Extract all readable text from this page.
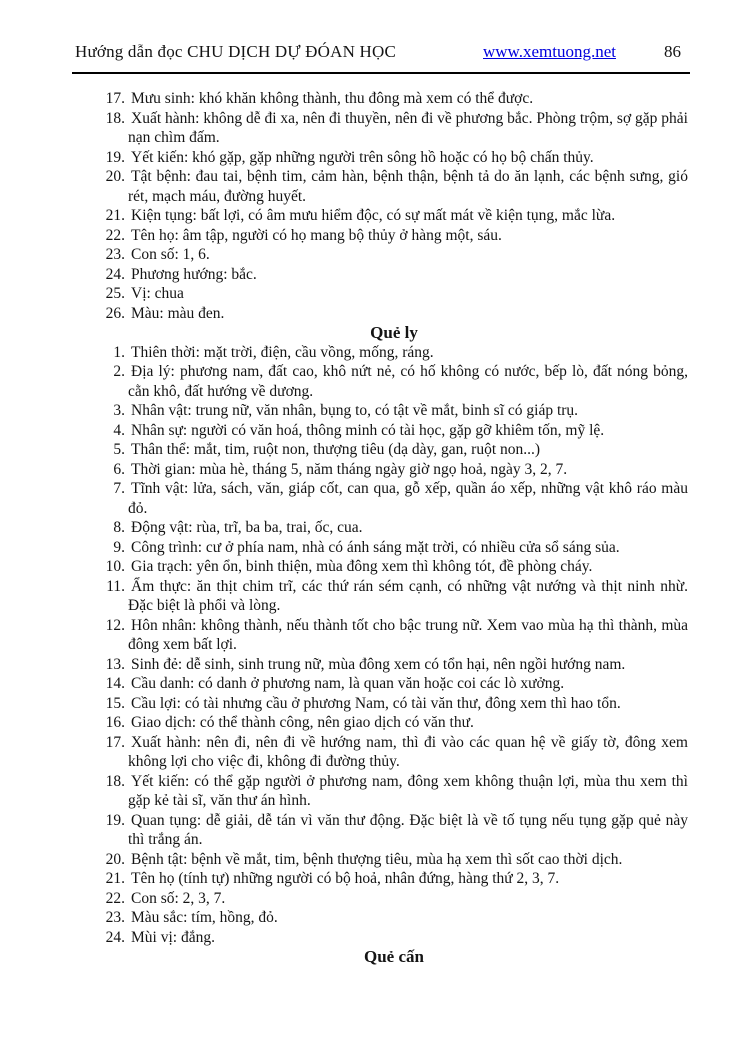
Hướng dẫn đọc CHU DỊCH DỰ ĐÓAN HỌC	www.xemtuong.net	86
17. Mưu sinh: khó khăn không thành, thu đông mà xem có thể được.
18. Xuất hành: không dễ đi xa, nên đi thuyền, nên đi về phương bắc. Phòng trộm, sợ gặp phải nạn chìm đấm.
19. Yết kiến: khó gặp, gặp những người trên sông hồ hoặc có họ bộ chấn thủy.
20. Tật bệnh: đau tai, bệnh tim, cảm hàn, bệnh thận, bệnh tả do ăn lạnh, các bệnh sưng, gió rét, mạch máu, đường huyết.
21. Kiện tụng: bất lợi, có âm mưu hiểm độc, có sự mất mát về kiện tụng, mắc lừa.
22. Tên họ: âm tập, người có họ mang bộ thủy ở hàng một, sáu.
23. Con số: 1, 6.
24. Phương hướng: bắc.
25. Vị: chua
26. Màu: màu đen.
Quẻ ly
1. Thiên thời: mặt trời, điện, cầu vồng, mống, ráng.
2. Địa lý: phương nam, đất cao, khô nứt nẻ, có hố không có nước, bếp lò, đất nóng bỏng, cằn khô, đất hướng về dương.
3. Nhân vật: trung nữ, văn nhân, bụng to, có tật về mắt, binh sĩ có giáp trụ.
4. Nhân sự: người có văn hoá, thông minh có tài học, gặp gỡ khiêm tốn, mỹ lệ.
5. Thân thể: mắt, tim, ruột non, thượng tiêu (dạ dày, gan, ruột non...)
6. Thời gian: mùa hè, tháng 5, năm tháng ngày giờ ngọ hoả, ngày 3, 2, 7.
7. Tĩnh vật: lửa, sách, văn, giáp cốt, can qua, gỗ xếp, quần áo xếp, những vật khô ráo màu đỏ.
8. Động vật: rùa, trĩ, ba ba, trai, ốc, cua.
9. Công trình: cư ở phía nam, nhà có ánh sáng mặt trời, có nhiều cửa sổ sáng sủa.
10. Gia trạch: yên ổn, binh thiện, mùa đông xem thì không tót, đề phòng cháy.
11. Ẩm thực: ăn thịt chim trĩ, các thứ rán sém cạnh, có những vật nướng và thịt ninh nhừ. Đặc biệt là phổi và lòng.
12. Hôn nhân: không thành, nếu thành tốt cho bậc trung nữ. Xem vao mùa hạ thì thành, mùa đông xem bất lợi.
13. Sinh đẻ: dễ sinh, sinh trung nữ, mùa đông xem có tổn hại, nên ngồi hướng nam.
14. Cầu danh: có danh ở phương nam, là quan văn hoặc coi các lò xưởng.
15. Cầu lợi: có tài nhưng cầu ở phương Nam, có tài văn thư, đông xem thì hao tổn.
16. Giao dịch: có thể thành công, nên giao dịch có văn thư.
17. Xuất hành: nên đi, nên đi về hướng nam, thì đi vào các quan hệ về giấy tờ, đông xem không lợi cho việc đi, không đi đường thủy.
18. Yết kiến: có thể gặp người ở phương nam, đông xem không thuận lợi, mùa thu xem thì gặp kẻ tài sĩ, văn thư án hình.
19. Quan tụng: dễ giải, dễ tán vì văn thư động. Đặc biệt là về tố tụng nếu tụng gặp quẻ này thì trắng án.
20. Bệnh tật: bệnh về mắt, tim, bệnh thượng tiêu, mùa hạ xem thì sốt cao thời dịch.
21. Tên họ (tính tự) những người có bộ hoả, nhân đứng, hàng thứ 2, 3, 7.
22. Con số: 2, 3, 7.
23. Màu sắc: tím, hồng, đỏ.
24. Mùi vị: đắng.
Quẻ cấn
